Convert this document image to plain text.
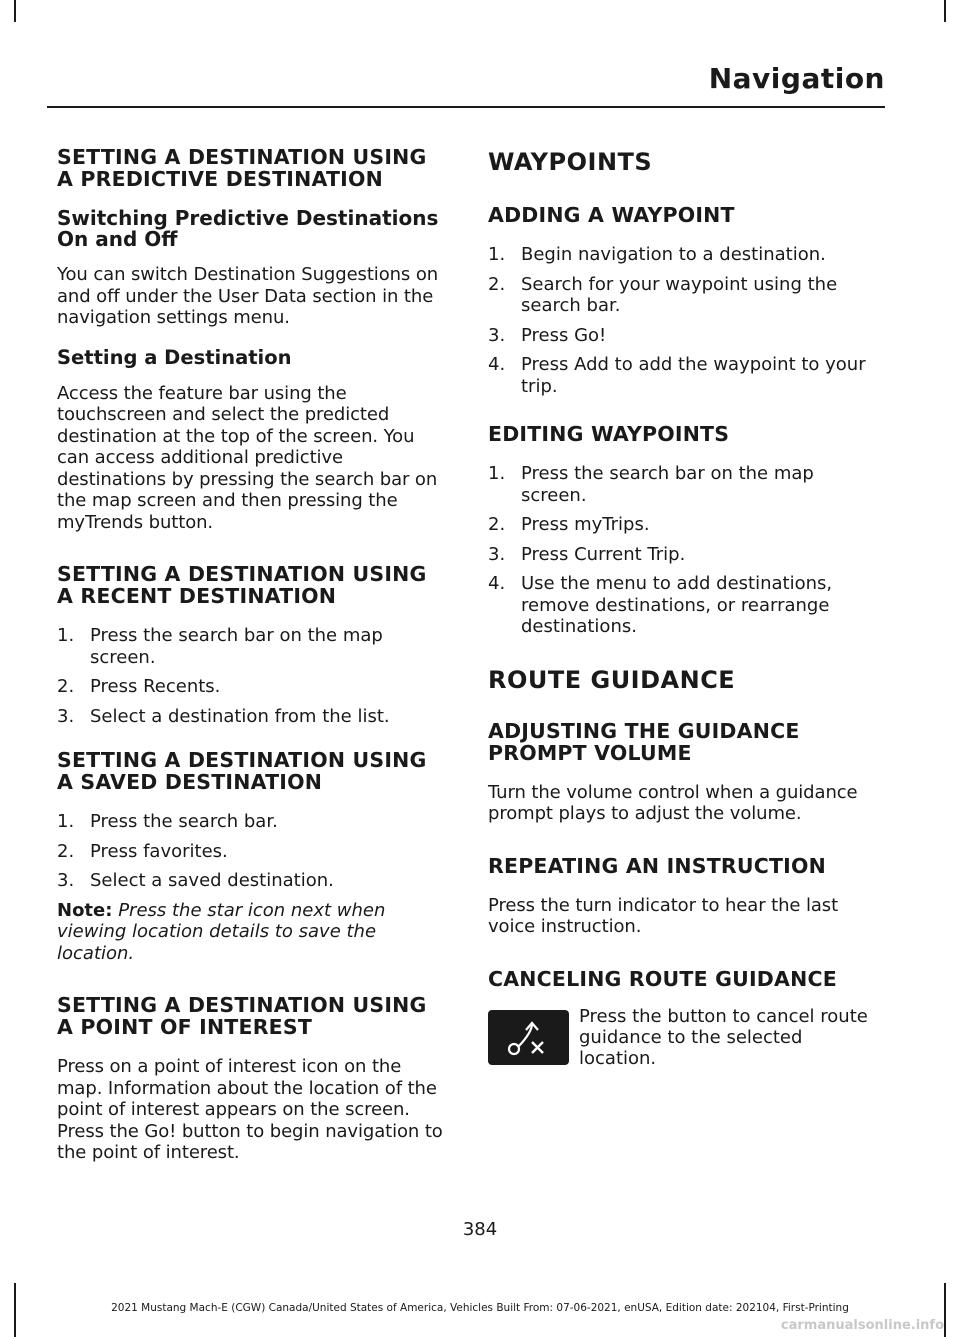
Navigation
SETTING A DESTINATION USING A PREDICTIVE DESTINATION
Switching Predictive Destinations On and Off

You can switch Destination Suggestions on and off under the User Data section in the navigation settings menu.

Setting a Destination

Access the feature bar using the touchscreen and select the predicted destination at the top of the screen. You can access additional predictive destinations by pressing the search bar on the map screen and then pressing the myTrends button.

SETTING A DESTINATION USING A RECENT DESTINATION
1. Press the search bar on the map screen.
2. Press Recents.
3. Select a destination from the list.
SETTING A DESTINATION USING A SAVED DESTINATION
1. Press the search bar.
2. Press favorites.
3. Select a saved destination.
Note: Press the star icon next when viewing location details to save the location.
SETTING A DESTINATION USING A POINT OF INTEREST

Press on a point of interest icon on the map. Information about the location of the point of interest appears on the screen. Press the Go! button to begin navigation to the point of interest.

WAYPOINTS
ADDING A WAYPOINT
1. Begin navigation to a destination.
2. Search for your waypoint using the search bar.
3. Press Go!
4. Press Add to add the waypoint to your trip.
EDITING WAYPOINTS
1. Press the search bar on the map screen.
2. Press myTrips.
3. Press Current Trip.
4. Use the menu to add destinations, remove destinations, or rearrange destinations.
ROUTE GUIDANCE
ADJUSTING THE GUIDANCE PROMPT VOLUME

Turn the volume control when a guidance prompt plays to adjust the volume.

REPEATING AN INSTRUCTION

Press the turn indicator to hear the last voice instruction.

CANCELING ROUTE GUIDANCE
Press the button to cancel route guidance to the selected location.
384
2021 Mustang Mach-E (CGW) Canada/United States of America, Vehicles Built From: 07-06-2021, enUSA, Edition date: 202104, First-Printing
carmanualsonline.info
